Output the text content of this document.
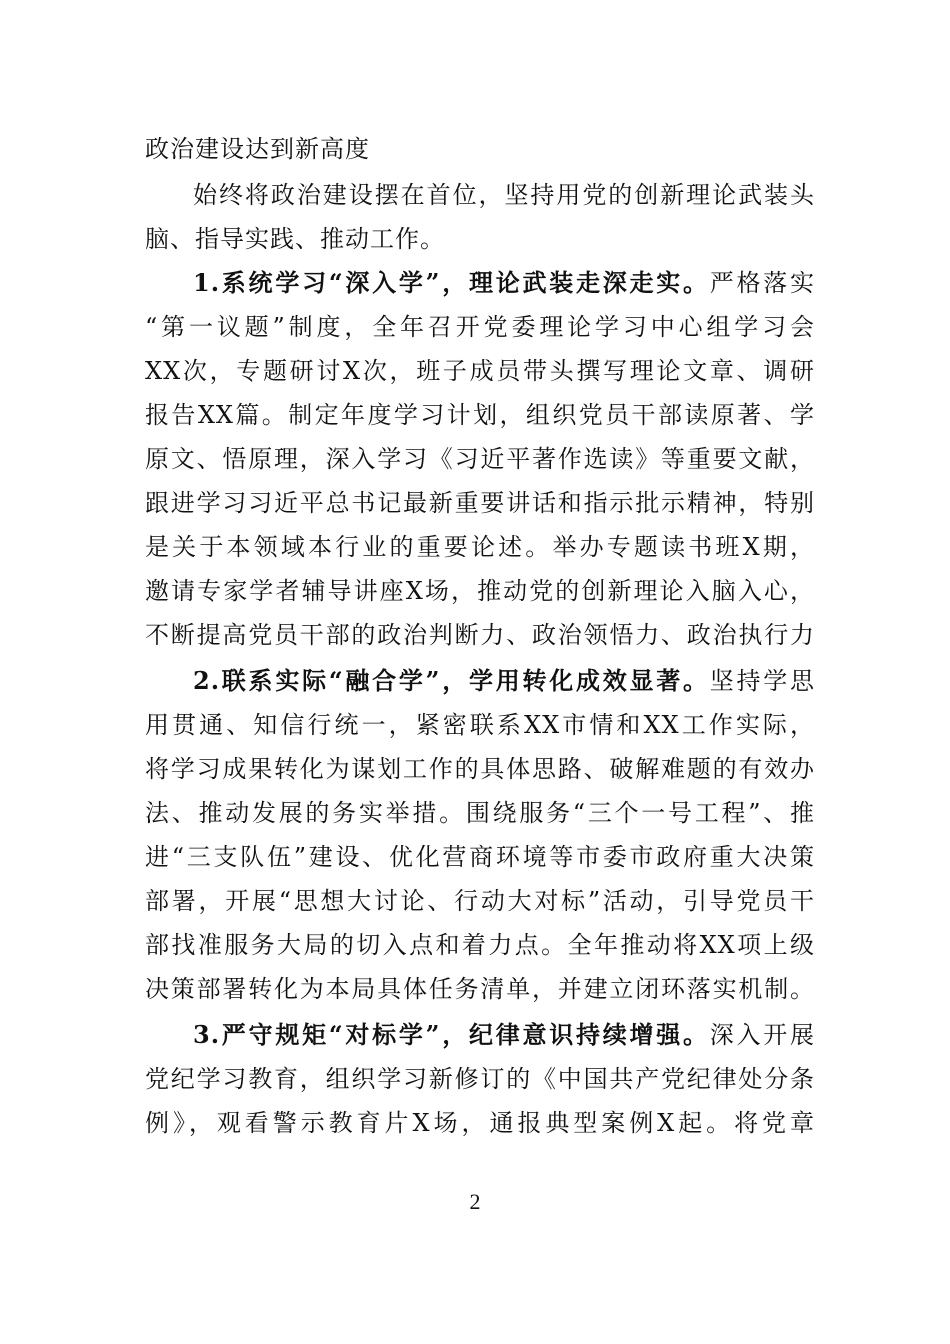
政治建设达到新高度
始终将政治建设摆在首位，坚持用党的创新理论武装头
脑、指导实践、推动工作。
1.系统学习“深入学”，理论武装走深走实。严格落实
“第一议题”制度，全年召开党委理论学习中心组学习会
XX次，专题研讨X次，班子成员带头撰写理论文章、调研
报告XX篇。制定年度学习计划，组织党员干部读原著、学
原文、悟原理，深入学习《习近平著作选读》等重要文献，
跟进学习习近平总书记最新重要讲话和指示批示精神，特别
是关于本领域本行业的重要论述。举办专题读书班X期，
邀请专家学者辅导讲座X场，推动党的创新理论入脑入心，
不断提高党员干部的政治判断力、政治领悟力、政治执行力
2.联系实际“融合学”，学用转化成效显著。坚持学思
用贯通、知信行统一，紧密联系XX市情和XX工作实际，
将学习成果转化为谋划工作的具体思路、破解难题的有效办
法、推动发展的务实举措。围绕服务“三个一号工程”、推
进“三支队伍”建设、优化营商环境等市委市政府重大决策
部署，开展“思想大讨论、行动大对标”活动，引导党员干
部找准服务大局的切入点和着力点。全年推动将XX项上级
决策部署转化为本局具体任务清单，并建立闭环落实机制。
3.严守规矩“对标学”，纪律意识持续增强。深入开展
党纪学习教育，组织学习新修订的《中国共产党纪律处分条
例》，观看警示教育片X场，通报典型案例X起。将党章
2
